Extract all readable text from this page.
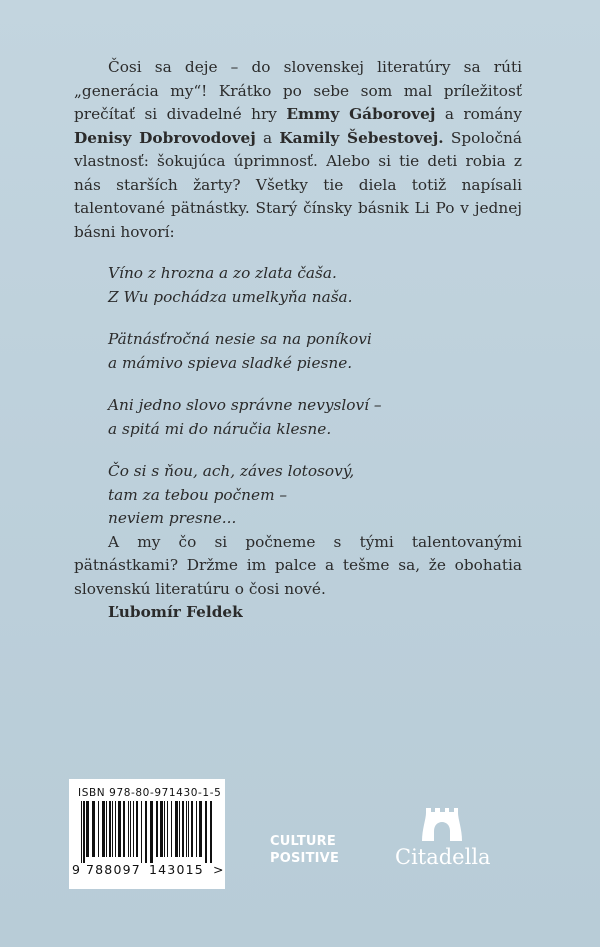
Čosi sa deje – do slovenskej literatúry sa rúti „generácia my“! Krátko po sebe som mal príležitosť prečítať si divadelné hry Emmy Gáborovej a romány Denisy Dobrovodovej a Kamily Šebestovej. Spoločná vlastnosť: šokujúca úprimnosť. Alebo si tie deti robia z nás starších žarty? Všetky tie diela totiž napísali talentované pätnástky. Starý čínsky básnik Li Po v jednej básni hovorí:

Víno z hrozna a zo zlata čaša.
Z Wu pochádza umelkyňa naša.
Pätnásťročná nesie sa na poníkovi
a mámivo spieva sladké piesne.
Ani jedno slovo správne nevysloví –
a spitá mi do náručia klesne.
Čo si s ňou, ach, záves lotosový,
tam za tebou počnem –
neviem presne...

A my čo si počneme s tými talentovanými pätnástkami? Držme im palce a tešme sa, že obohatia slovenskú literatúru o čosi nové.

Ľubomír Feldek

ISBN 978-80-971430-1-5
9 788097 143015 >
CULTURE
POSITIVE	Citadella
